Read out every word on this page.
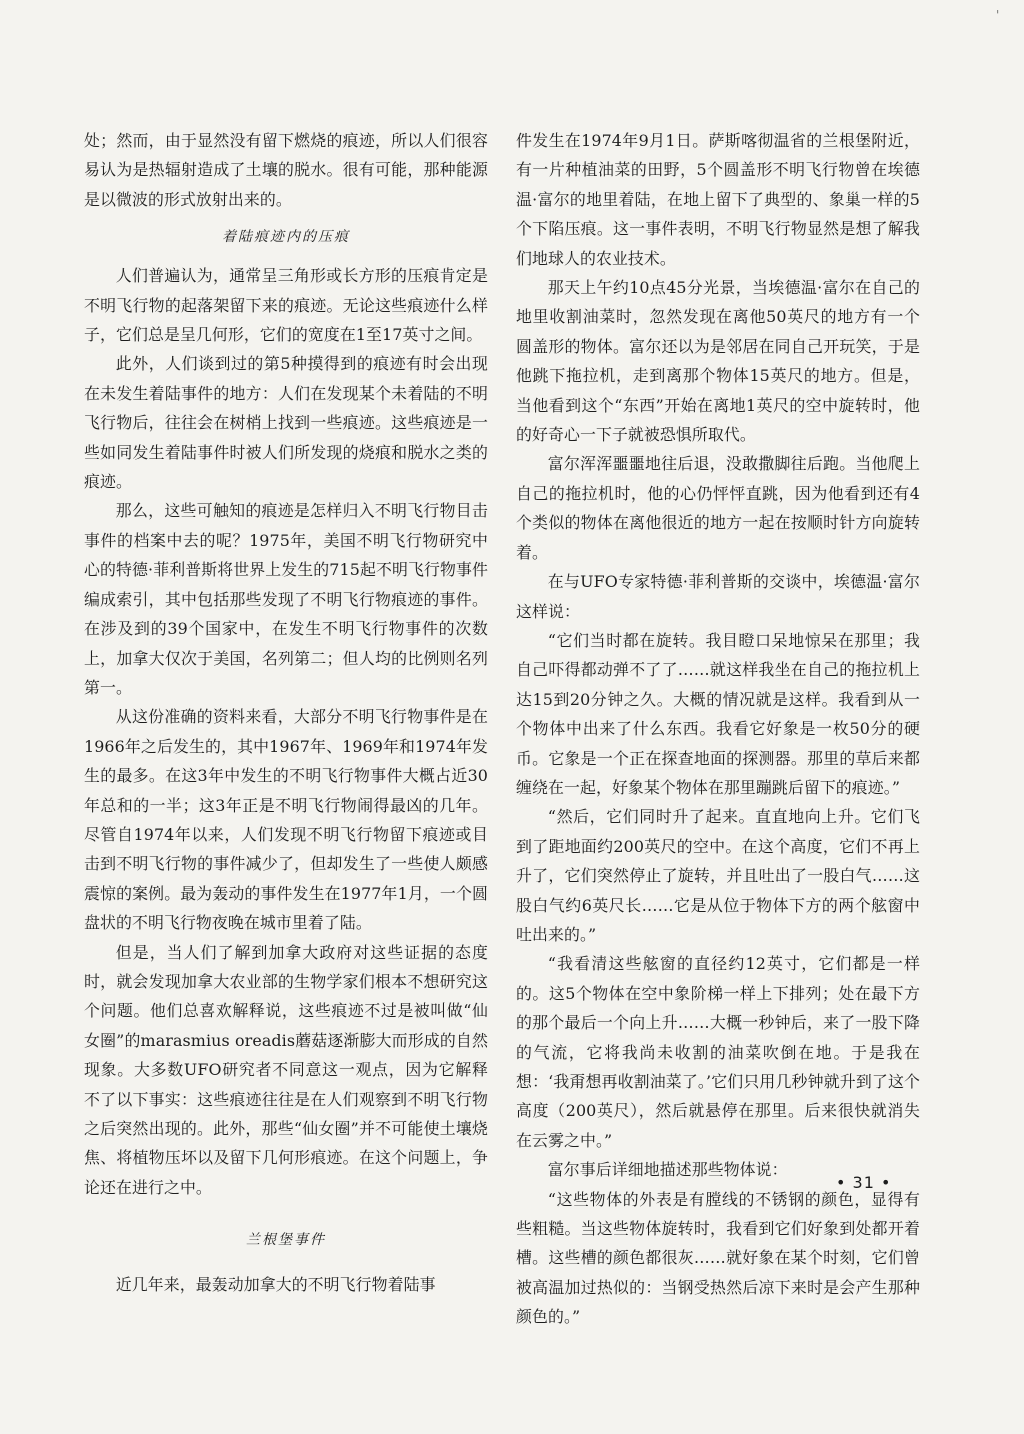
'

处；然而，由于显然没有留下燃烧的痕迹，所以人们很容易认为是热辐射造成了土壤的脱水。很有可能，那种能源是以微波的形式放射出来的。

着陆痕迹内的压痕

人们普遍认为，通常呈三角形或长方形的压痕肯定是不明飞行物的起落架留下来的痕迹。无论这些痕迹什么样子，它们总是呈几何形，它们的宽度在1至17英寸之间。

此外，人们谈到过的第5种摸得到的痕迹有时会出现在未发生着陆事件的地方：人们在发现某个未着陆的不明飞行物后，往往会在树梢上找到一些痕迹。这些痕迹是一些如同发生着陆事件时被人们所发现的烧痕和脱水之类的痕迹。

那么，这些可触知的痕迹是怎样归入不明飞行物目击事件的档案中去的呢？1975年，美国不明飞行物研究中心的特德·菲利普斯将世界上发生的715起不明飞行物事件编成索引，其中包括那些发现了不明飞行物痕迹的事件。在涉及到的39个国家中，在发生不明飞行物事件的次数上，加拿大仅次于美国，名列第二；但人均的比例则名列第一。

从这份准确的资料来看，大部分不明飞行物事件是在1966年之后发生的，其中1967年、1969年和1974年发生的最多。在这3年中发生的不明飞行物事件大概占近30年总和的一半；这3年正是不明飞行物闹得最凶的几年。尽管自1974年以来，人们发现不明飞行物留下痕迹或目击到不明飞行物的事件减少了，但却发生了一些使人颇感震惊的案例。最为轰动的事件发生在1977年1月，一个圆盘状的不明飞行物夜晚在城市里着了陆。

但是，当人们了解到加拿大政府对这些证据的态度时，就会发现加拿大农业部的生物学家们根本不想研究这个问题。他们总喜欢解释说，这些痕迹不过是被叫做“仙女圈”的marasmius oreadis蘑菇逐渐膨大而形成的自然现象。大多数UFO研究者不同意这一观点，因为它解释不了以下事实：这些痕迹往往是在人们观察到不明飞行物之后突然出现的。此外，那些“仙女圈”并不可能使土壤烧焦、将植物压坏以及留下几何形痕迹。在这个问题上，争论还在进行之中。

兰根堡事件

近几年来，最轰动加拿大的不明飞行物着陆事

件发生在1974年9月1日。萨斯喀彻温省的兰根堡附近，有一片种植油菜的田野，5个圆盖形不明飞行物曾在埃德温·富尔的地里着陆，在地上留下了典型的、象巢一样的5个下陷压痕。这一事件表明，不明飞行物显然是想了解我们地球人的农业技术。

那天上午约10点45分光景，当埃德温·富尔在自己的地里收割油菜时，忽然发现在离他50英尺的地方有一个圆盖形的物体。富尔还以为是邻居在同自己开玩笑，于是他跳下拖拉机，走到离那个物体15英尺的地方。但是，当他看到这个“东西”开始在离地1英尺的空中旋转时，他的好奇心一下子就被恐惧所取代。

富尔浑浑噩噩地往后退，没敢撒脚往后跑。当他爬上自己的拖拉机时，他的心仍怦怦直跳，因为他看到还有4个类似的物体在离他很近的地方一起在按顺时针方向旋转着。

在与UFO专家特德·菲利普斯的交谈中，埃德温·富尔这样说：

“它们当时都在旋转。我目瞪口呆地惊呆在那里；我自己吓得都动弹不了了……就这样我坐在自己的拖拉机上达15到20分钟之久。大概的情况就是这样。我看到从一个物体中出来了什么东西。我看它好象是一枚50分的硬币。它象是一个正在探查地面的探测器。那里的草后来都缠绕在一起，好象某个物体在那里蹦跳后留下的痕迹。”

“然后，它们同时升了起来。直直地向上升。它们飞到了距地面约200英尺的空中。在这个高度，它们不再上升了，它们突然停止了旋转，并且吐出了一股白气……这股白气约6英尺长……它是从位于物体下方的两个舷窗中吐出来的。”

“我看清这些舷窗的直径约12英寸，它们都是一样的。这5个物体在空中象阶梯一样上下排列；处在最下方的那个最后一个向上升……大概一秒钟后，来了一股下降的气流，它将我尚未收割的油菜吹倒在地。于是我在想：‘我甭想再收割油菜了。’它们只用几秒钟就升到了这个高度（200英尺），然后就悬停在那里。后来很快就消失在云雾之中。”

富尔事后详细地描述那些物体说：

“这些物体的外表是有膛线的不锈钢的颜色，显得有些粗糙。当这些物体旋转时，我看到它们好象到处都开着槽。这些槽的颜色都很灰……就好象在某个时刻，它们曾被高温加过热似的：当钢受热然后凉下来时是会产生那种颜色的。”

• 31 •
